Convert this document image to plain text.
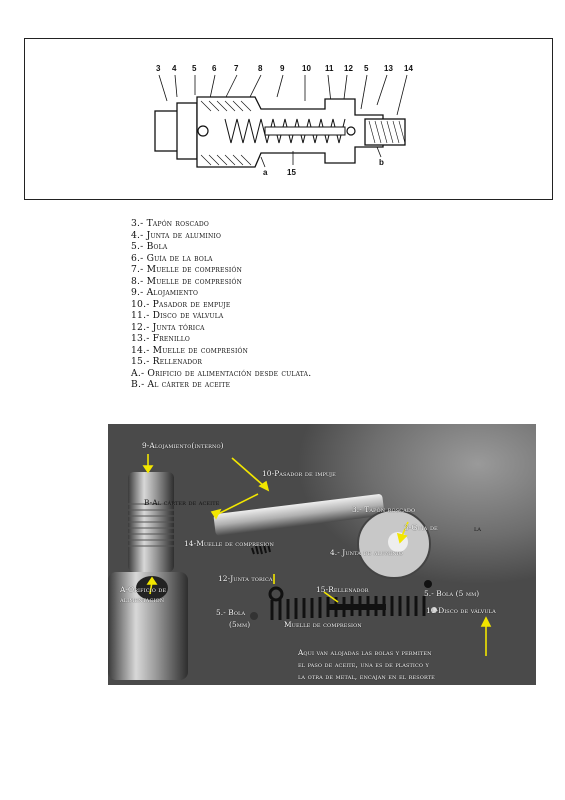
3 4 5 6 7 8 9 10 11 12 5 13 14
a 15
b
3.- Tapón roscado
4.- Junta de aluminio
5.- Bola
6.- Guía de la bola
7.- Muelle de compresión
8.- Muelle de compresión
9.- Alojamiento
10.- Pasador de empuje
11.- Disco de válvula
12.- Junta tórica
13.- Frenillo
14.- Muelle de compresión
15.- Rellenador
A.- Orificio de alimentación desde culata.
B.- Al cárter de aceite
9-Alojamiento(interno)
10-Pasador de impuje
B-Al cárter de aceite
3.- Tapón roscado
6-Guia de
14-Muelle de compresion
4.- Junta de aluminio
A-Orificio de alimentacion
12-Junta torica
15-Rellenador	5.- Bola (5 mm)
5.- Bola
(5mm)	Muelle de compresion
11-Disco de válvula
Aqui van alojadas las bolas y permiten
el paso de aceite, una es de plastico y
la otra de metal, encajan en el resorte
la
